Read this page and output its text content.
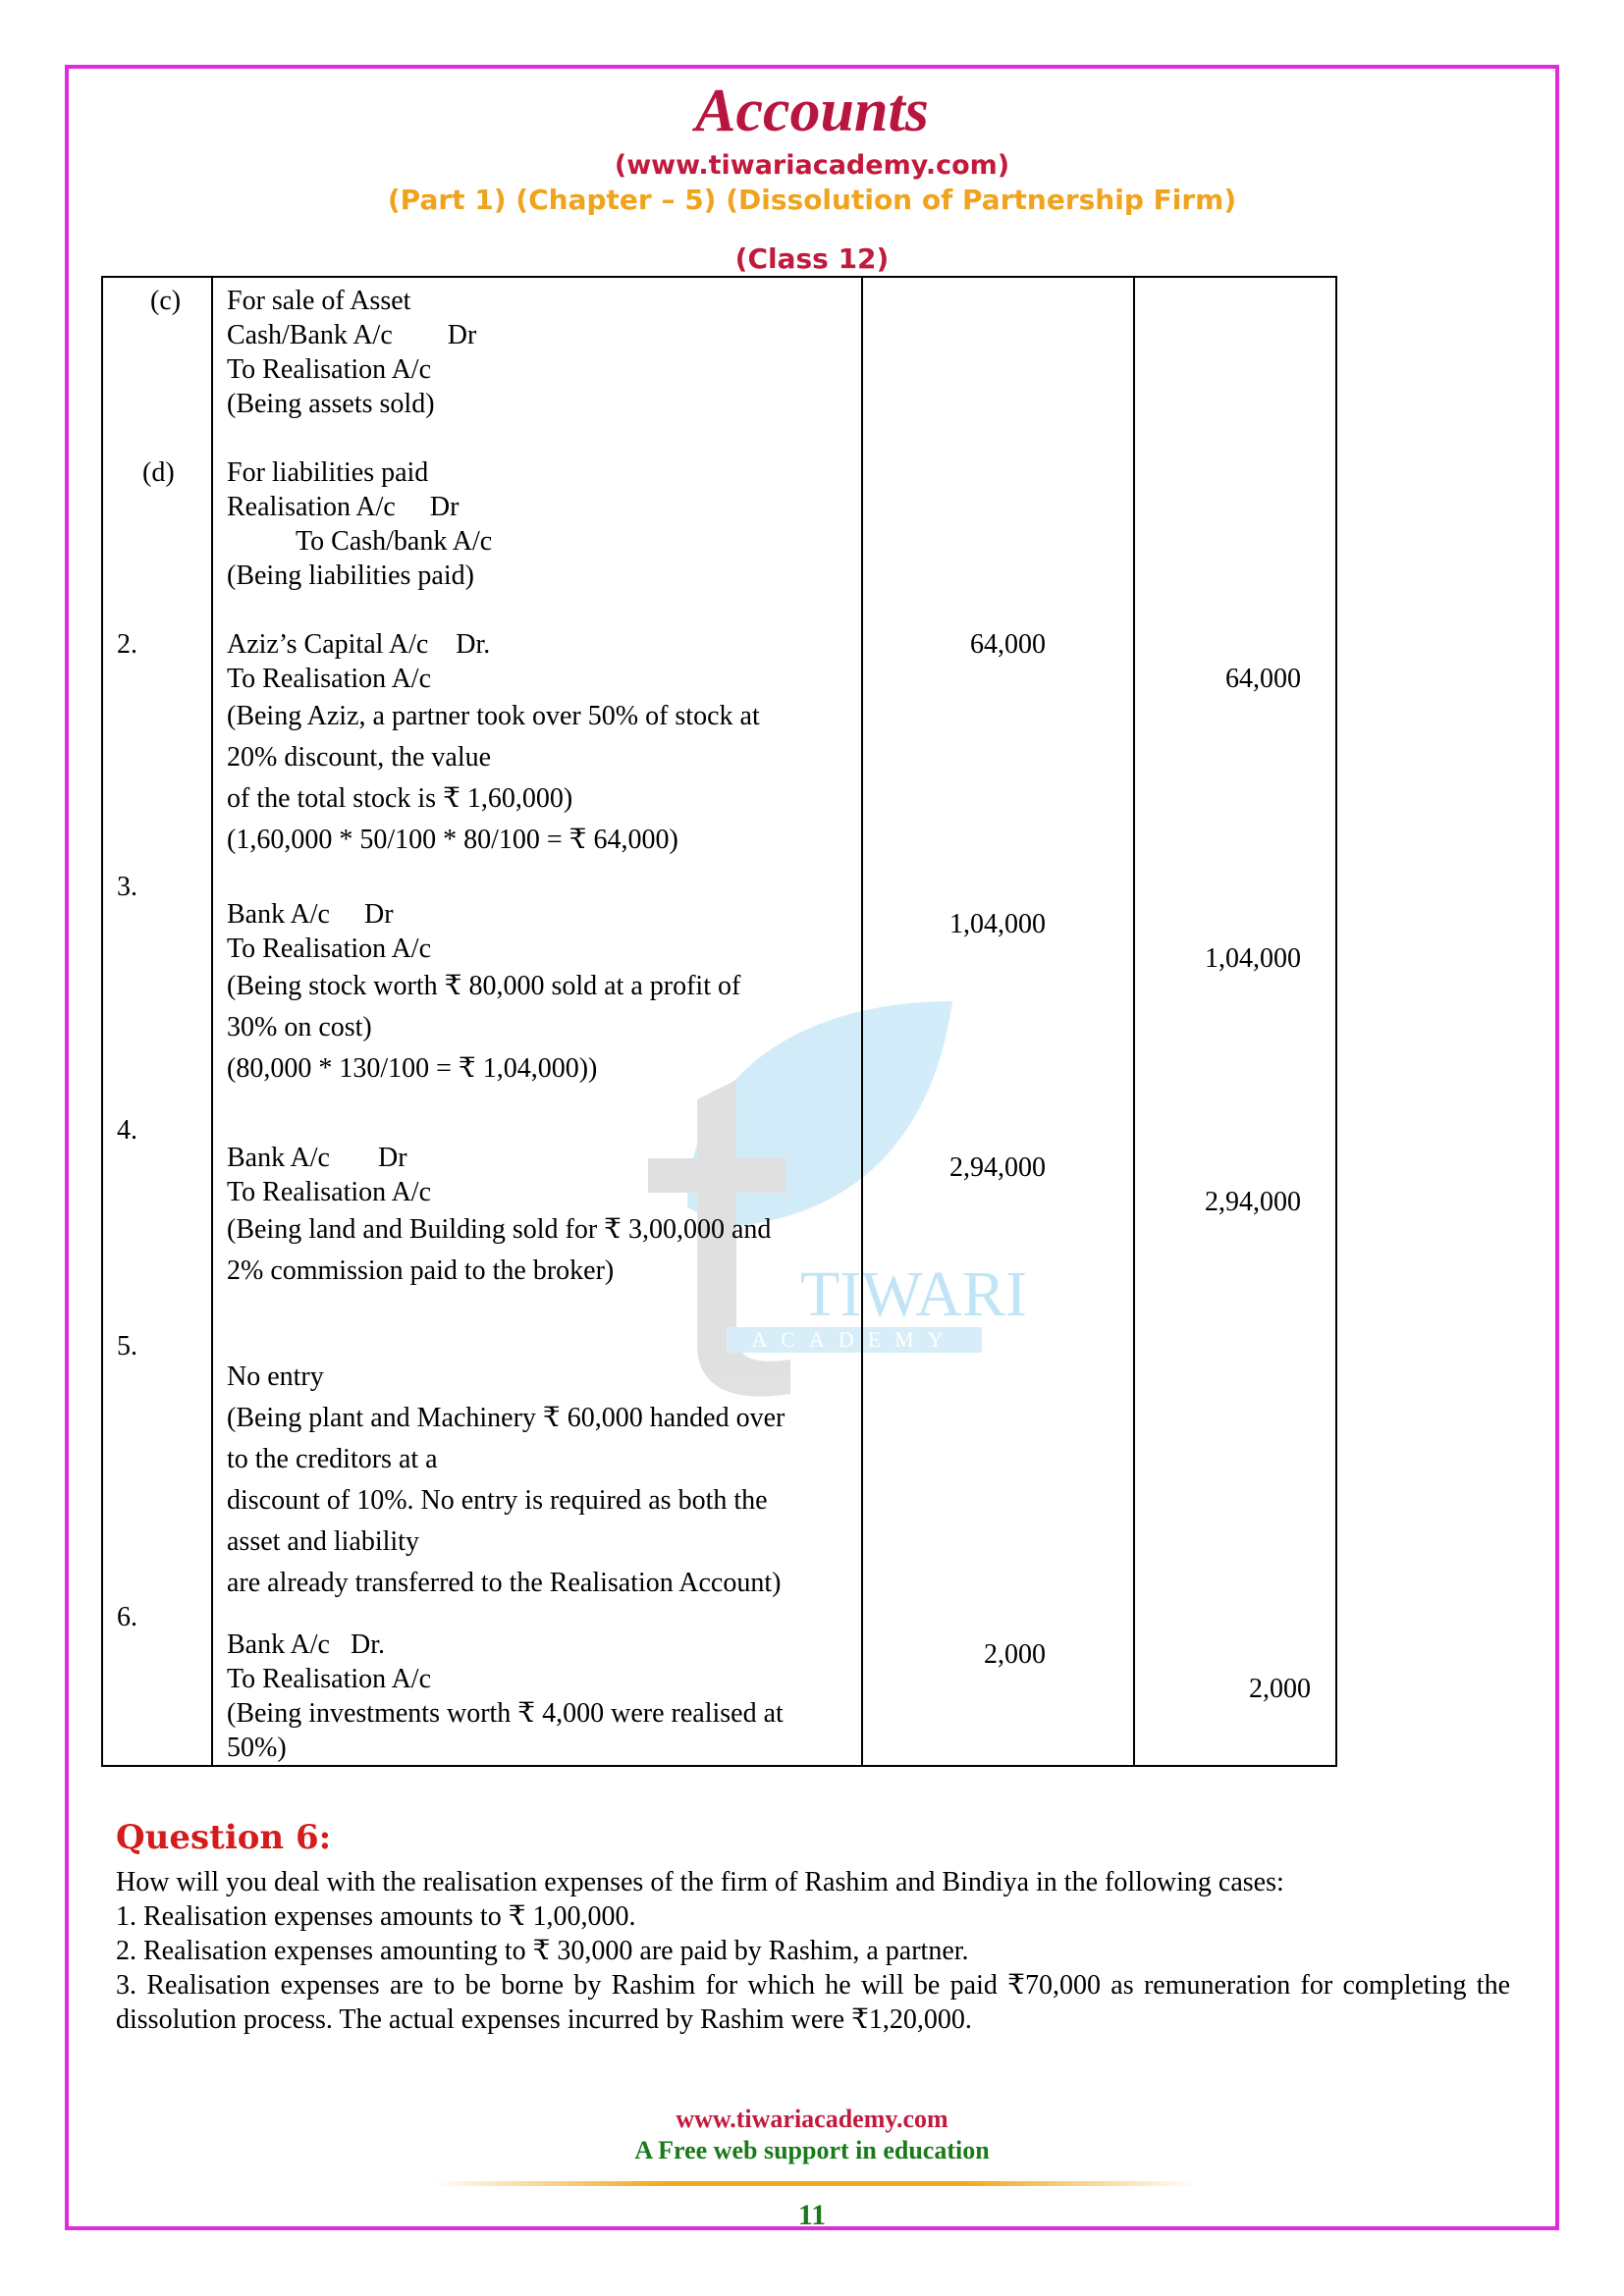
Accounts
(www.tiwariacademy.com)
(Part 1) (Chapter – 5) (Dissolution of Partnership Firm)
(Class 12)
TIWARI
ACADEMY
(c) For sale of Asset
Cash/Bank A/c        Dr
To Realisation A/c
(Being assets sold)
(d) For liabilities paid
Realisation A/c     Dr
To Cash/bank A/c
(Being liabilities paid)
2.	Aziz’s Capital A/c    Dr.
To Realisation A/c
(Being Aziz, a partner took over 50% of stock at
20% discount, the value
of the total stock is ₹ 1,60,000)
(1,60,000 * 50/100 * 80/100 = ₹ 64,000)
64,000
64,000
3.
Bank A/c     Dr
To Realisation A/c
(Being stock worth ₹ 80,000 sold at a profit of
30% on cost)
(80,000 * 130/100 = ₹ 1,04,000))
1,04,000
1,04,000
4.
Bank A/c       Dr
To Realisation A/c
(Being land and Building sold for ₹ 3,00,000 and
2% commission paid to the broker)
2,94,000
2,94,000
5.
No entry
(Being plant and Machinery ₹ 60,000 handed over
to the creditors at a
discount of 10%. No entry is required as both the
asset and liability
are already transferred to the Realisation Account)
6.
Bank A/c   Dr.
To Realisation A/c
(Being investments worth ₹ 4,000 were realised at
50%)
2,000
2,000
Question 6:

How will you deal with the realisation expenses of the firm of Rashim and Bindiya in the following cases:

1. Realisation expenses amounts to ₹ 1,00,000.

2. Realisation expenses amounting to ₹ 30,000 are paid by Rashim, a partner.

3. Realisation expenses are to be borne by Rashim for which he will be paid ₹70,000 as remuneration for completing the dissolution process. The actual expenses incurred by Rashim were ₹1,20,000.

www.tiwariacademy.com
A Free web support in education
11
